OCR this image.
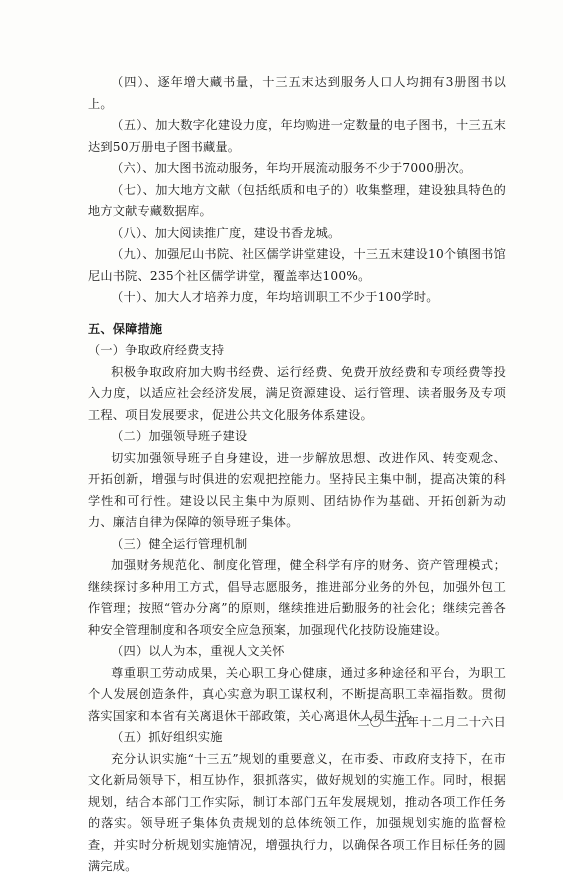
（四）、逐年增大藏书量，十三五末达到服务人口人均拥有3册图书以上。

（五）、加大数字化建设力度，年均购进一定数量的电子图书，十三五末达到50万册电子图书藏量。

（六）、加大图书流动服务，年均开展流动服务不少于7000册次。

（七）、加大地方文献（包括纸质和电子的）收集整理，建设独具特色的地方文献专藏数据库。

（八）、加大阅读推广度，建设书香龙城。

（九）、加强尼山书院、社区儒学讲堂建设，十三五末建设10个镇图书馆尼山书院、235个社区儒学讲堂，覆盖率达100%。

（十）、加大人才培养力度，年均培训职工不少于100学时。

五、保障措施

（一）争取政府经费支持

积极争取政府加大购书经费、运行经费、免费开放经费和专项经费等投入力度，以适应社会经济发展，满足资源建设、运行管理、读者服务及专项工程、项目发展要求，促进公共文化服务体系建设。

（二）加强领导班子建设

切实加强领导班子自身建设，进一步解放思想、改进作风、转变观念、开拓创新，增强与时俱进的宏观把控能力。坚持民主集中制，提高决策的科学性和可行性。建设以民主集中为原则、团结协作为基础、开拓创新为动力、廉洁自律为保障的领导班子集体。

（三）健全运行管理机制

加强财务规范化、制度化管理，健全科学有序的财务、资产管理模式；继续探讨多种用工方式，倡导志愿服务，推进部分业务的外包，加强外包工作管理；按照“管办分离”的原则，继续推进后勤服务的社会化；继续完善各种安全管理制度和各项安全应急预案，加强现代化技防设施建设。

（四）以人为本，重视人文关怀

尊重职工劳动成果，关心职工身心健康，通过多种途径和平台，为职工个人发展创造条件，真心实意为职工谋权利，不断提高职工幸福指数。贯彻落实国家和本省有关离退休干部政策，关心离退休人员生活。

（五）抓好组织实施

充分认识实施“十三五”规划的重要意义，在市委、市政府支持下，在市文化新局领导下，相互协作，狠抓落实，做好规划的实施工作。同时，根据规划，结合本部门工作实际，制订本部门五年发展规划，推动各项工作任务的落实。领导班子集体负责规划的总体统领工作，加强规划实施的监督检查，并实时分析规划实施情况，增强执行力，以确保各项工作目标任务的圆满完成。

二〇一五年十二月二十六日
